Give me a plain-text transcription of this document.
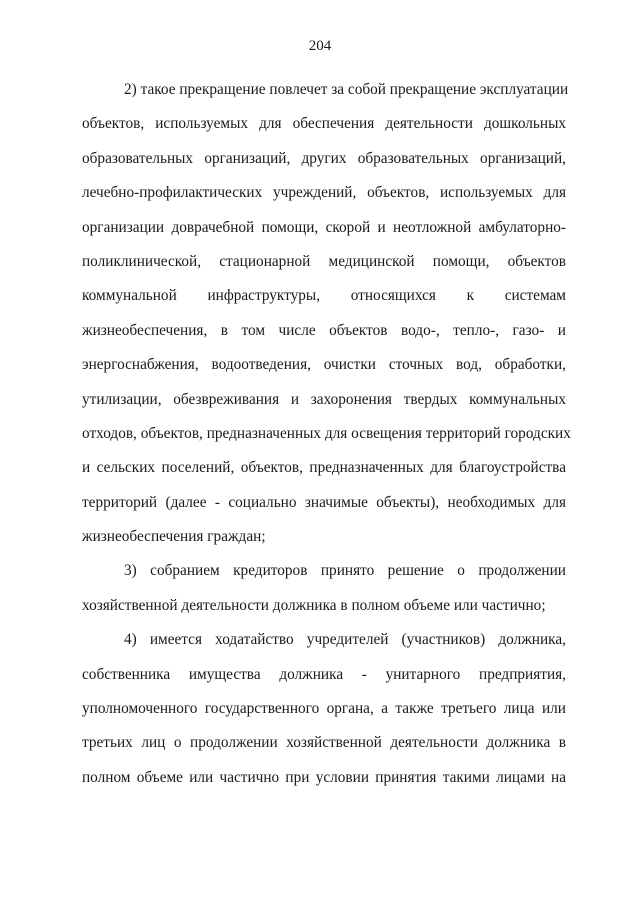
204
2) такое прекращение повлечет за собой прекращение эксплуатации
объектов, используемых для обеспечения деятельности дошкольных
образовательных организаций, других образовательных организаций,
лечебно-профилактических учреждений, объектов, используемых для
организации доврачебной помощи, скорой и неотложной амбулаторно-
поликлинической, стационарной медицинской помощи, объектов
коммунальной инфраструктуры, относящихся к системам
жизнеобеспечения, в том числе объектов водо-, тепло-, газо- и
энергоснабжения, водоотведения, очистки сточных вод, обработки,
утилизации, обезвреживания и захоронения твердых коммунальных
отходов, объектов, предназначенных для освещения территорий городских
и сельских поселений, объектов, предназначенных для благоустройства
территорий (далее - социально значимые объекты), необходимых для
жизнеобеспечения граждан;
3) собранием кредиторов принято решение о продолжении
хозяйственной деятельности должника в полном объеме или частично;
4) имеется ходатайство учредителей (участников) должника,
собственника имущества должника - унитарного предприятия,
уполномоченного государственного органа, а также третьего лица или
третьих лиц о продолжении хозяйственной деятельности должника в
полном объеме или частично при условии принятия такими лицами на
